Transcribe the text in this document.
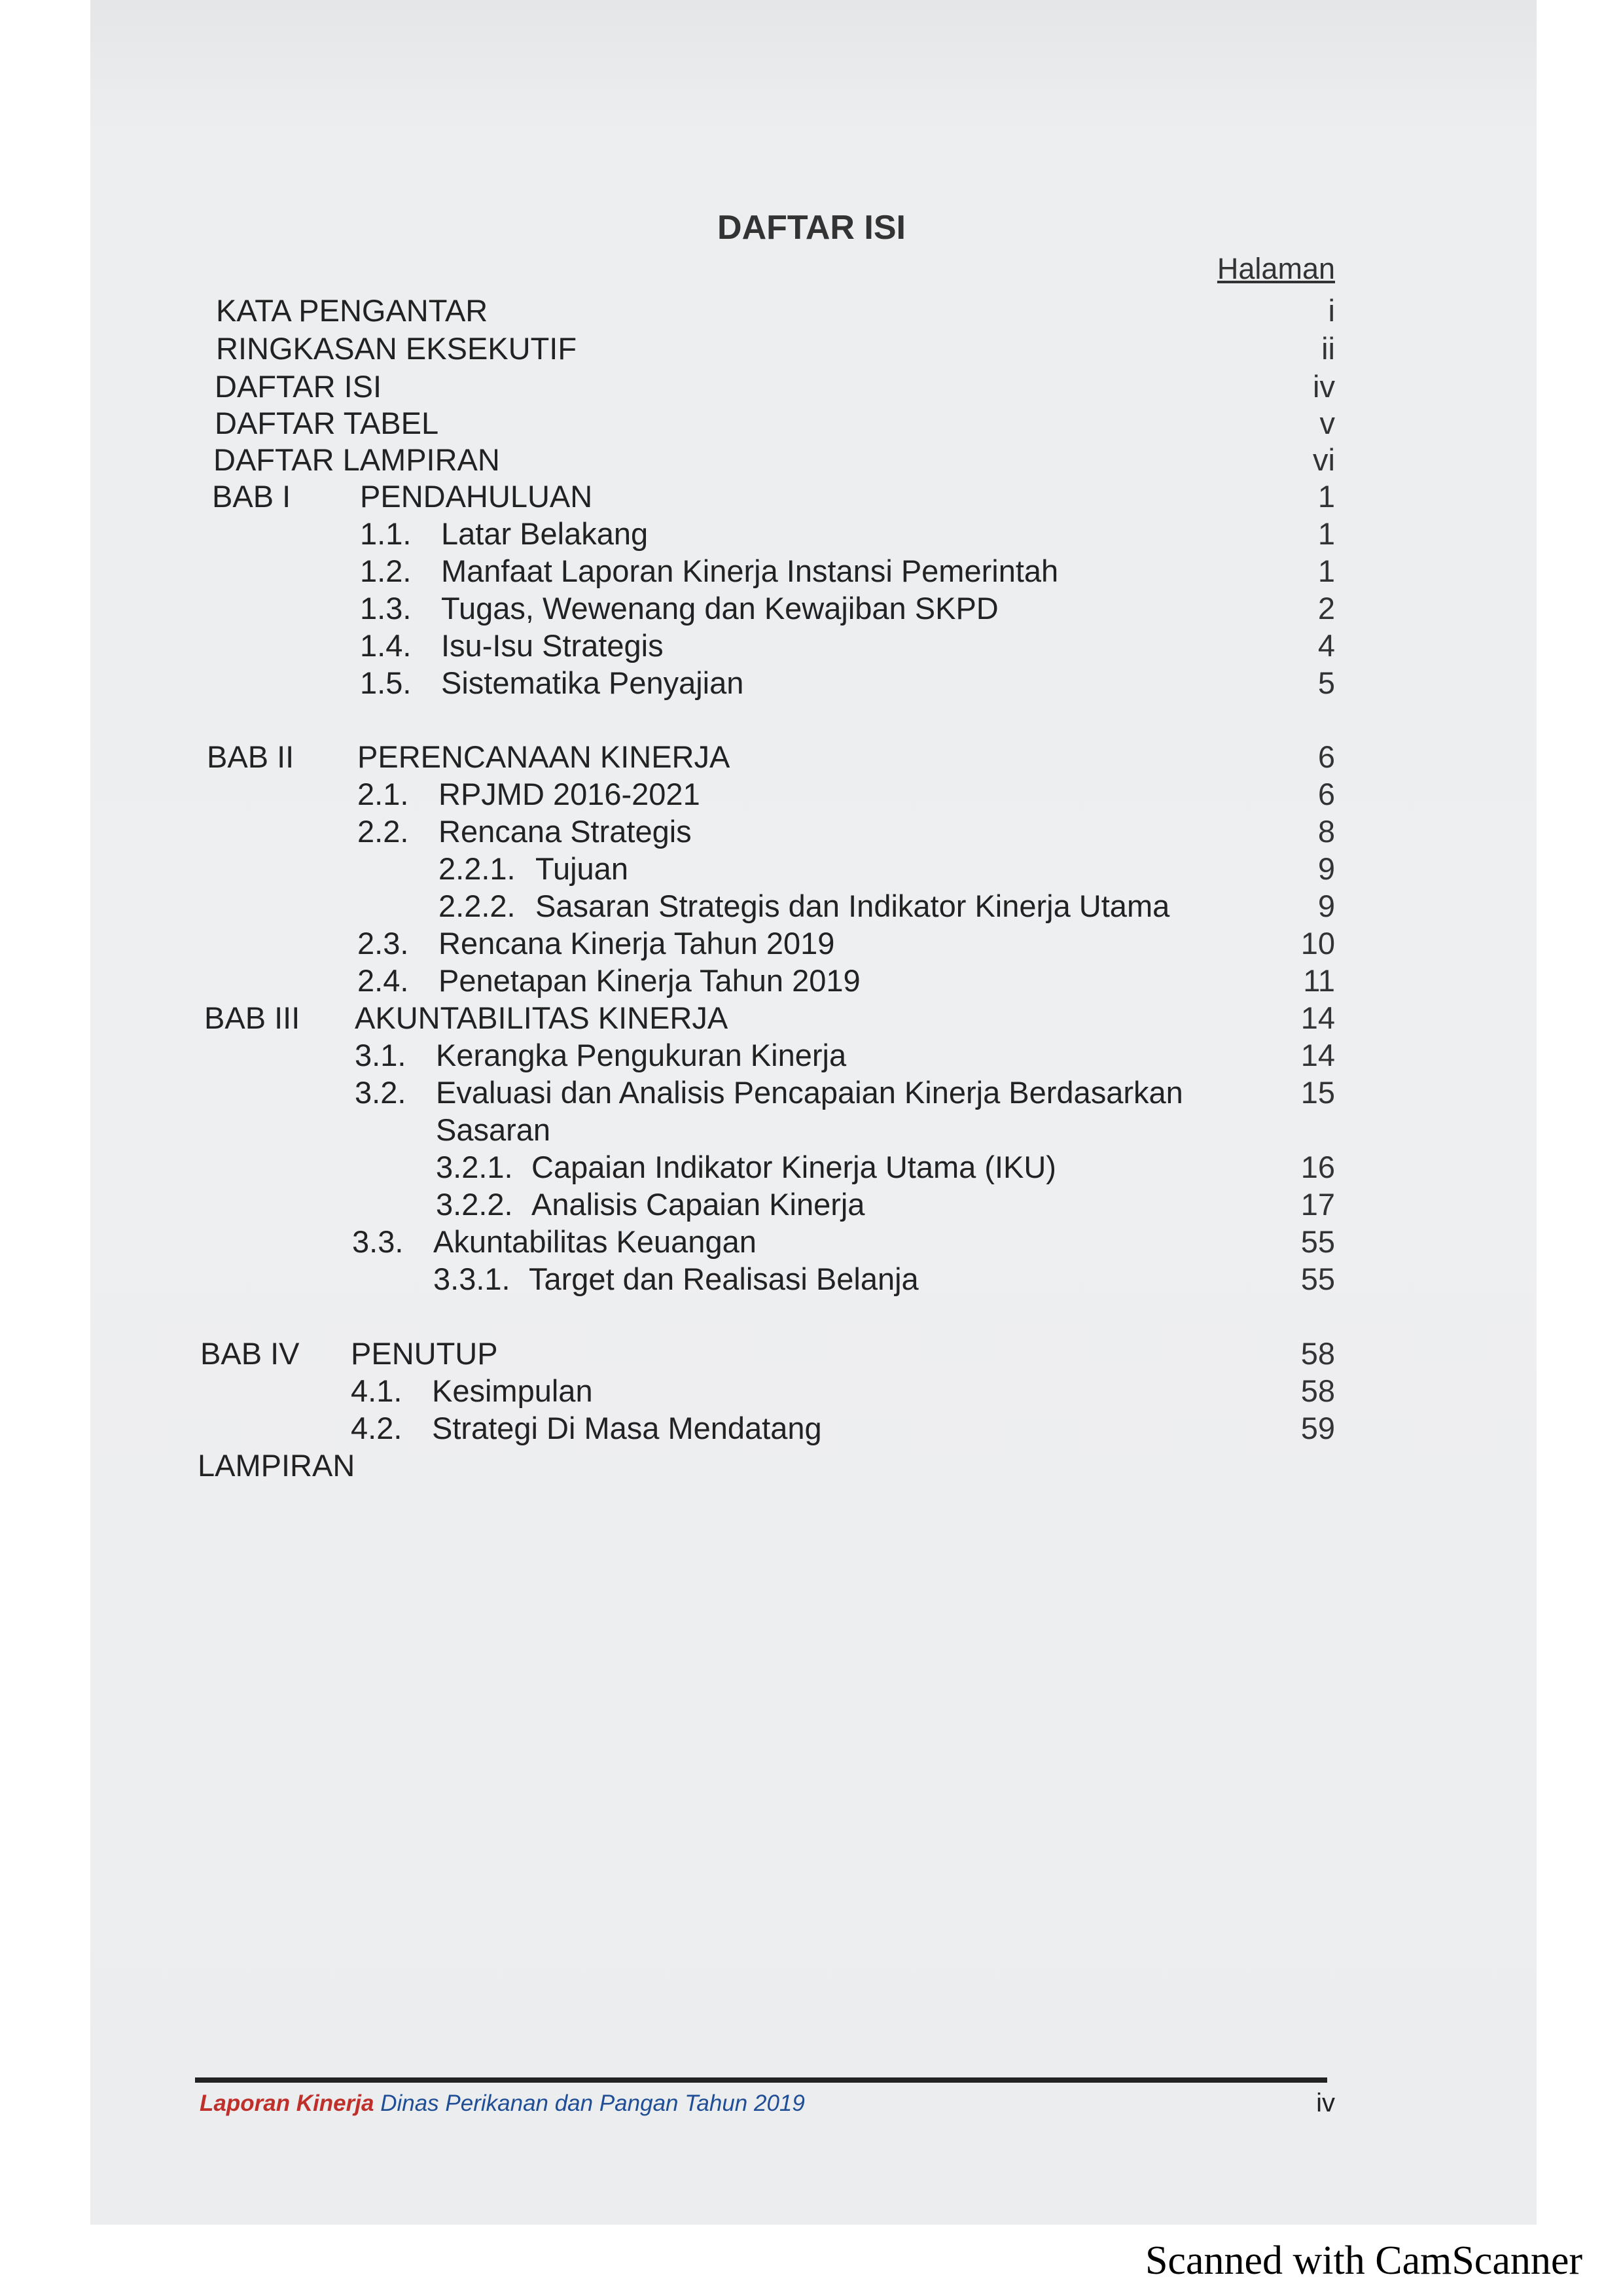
DAFTAR ISI
Halaman
KATA PENGANTAR	i
RINGKASAN EKSEKUTIF	ii
DAFTAR ISI	iv
DAFTAR TABEL	v
DAFTAR LAMPIRAN	vi
BAB I PENDAHULUAN	1
1.1. Latar Belakang	1
1.2. Manfaat Laporan Kinerja Instansi Pemerintah	1
1.3. Tugas, Wewenang dan Kewajiban SKPD	2
1.4. Isu-Isu Strategis	4
1.5. Sistematika Penyajian	5
BAB II PERENCANAAN KINERJA	6
2.1. RPJMD 2016-2021	6
2.2. Rencana Strategis	8
2.2.1. Tujuan	9
2.2.2. Sasaran Strategis dan Indikator Kinerja Utama	9
2.3. Rencana Kinerja Tahun 2019	10
2.4. Penetapan Kinerja Tahun 2019	11
BAB III AKUNTABILITAS KINERJA	14
3.1. Kerangka Pengukuran Kinerja	14
3.2. Evaluasi dan Analisis Pencapaian Kinerja Berdasarkan	15
Sasaran
3.2.1. Capaian Indikator Kinerja Utama (IKU)	16
3.2.2. Analisis Capaian Kinerja	17
3.3. Akuntabilitas Keuangan	55
3.3.1. Target dan Realisasi Belanja	55
BAB IV PENUTUP	58
4.1. Kesimpulan	58
4.2. Strategi Di Masa Mendatang	59
LAMPIRAN
Laporan Kinerja Dinas Perikanan dan Pangan Tahun 2019	iv
Scanned with CamScanner
